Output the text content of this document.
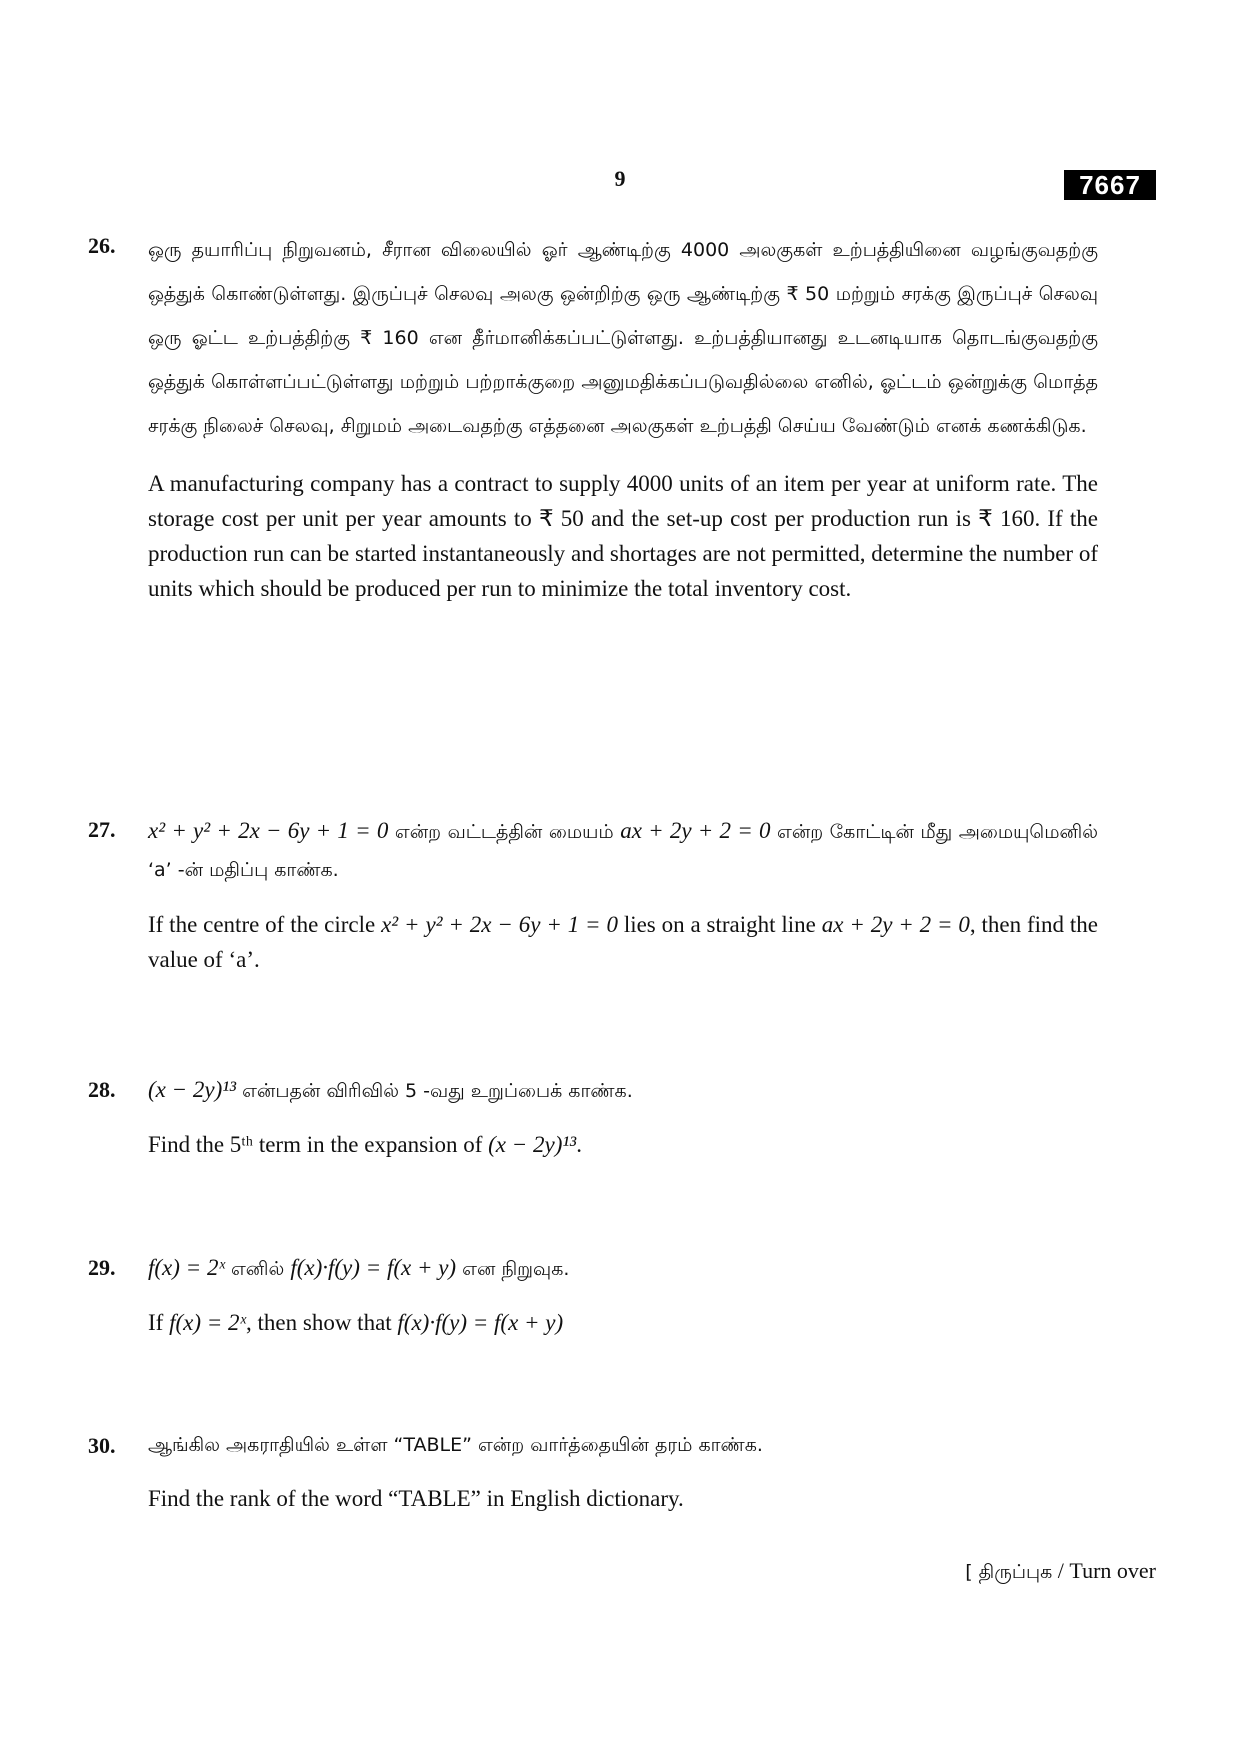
9	7667
26. ஒரு தயாரிப்பு நிறுவனம், சீரான விலையில் ஓர் ஆண்டிற்கு 4000 அலகுகள் உற்பத்தியினை வழங்குவதற்கு ஒத்துக் கொண்டுள்ளது. இருப்புச் செலவு அலகு ஒன்றிற்கு ஒரு ஆண்டிற்கு ₹ 50 மற்றும் சரக்கு இருப்புச் செலவு ஒரு ஓட்ட உற்பத்திற்கு ₹ 160 என தீர்மானிக்கப்பட்டுள்ளது. உற்பத்தியானது உடனடியாக தொடங்குவதற்கு ஒத்துக் கொள்ளப்பட்டுள்ளது மற்றும் பற்றாக்குறை அனுமதிக்கப்படுவதில்லை எனில், ஓட்டம் ஒன்றுக்கு மொத்த சரக்கு நிலைச் செலவு, சிறுமம் அடைவதற்கு எத்தனை அலகுகள் உற்பத்தி செய்ய வேண்டும் எனக் கணக்கிடுக.

A manufacturing company has a contract to supply 4000 units of an item per year at uniform rate. The storage cost per unit per year amounts to ₹ 50 and the set-up cost per production run is ₹ 160. If the production run can be started instantaneously and shortages are not permitted, determine the number of units which should be produced per run to minimize the total inventory cost.

27. x² + y² + 2x − 6y + 1 = 0 என்ற வட்டத்தின் மையம் ax + 2y + 2 = 0 என்ற கோட்டின் மீது அமையுமெனில் ‘a’ -ன் மதிப்பு காண்க.

If the centre of the circle x² + y² + 2x − 6y + 1 = 0 lies on a straight line ax + 2y + 2 = 0, then find the value of ‘a’.

28. (x − 2y)¹³ என்பதன் விரிவில் 5 -வது உறுப்பைக் காண்க.

Find the 5ᵗʰ term in the expansion of (x − 2y)¹³.

29. f(x) = 2ˣ எனில் f(x)·f(y) = f(x + y) என நிறுவுக.

If f(x) = 2ˣ, then show that f(x)·f(y) = f(x + y)

30. ஆங்கில அகராதியில் உள்ள “TABLE” என்ற வார்த்தையின் தரம் காண்க.

Find the rank of the word “TABLE” in English dictionary.

[ திருப்புக / Turn over
